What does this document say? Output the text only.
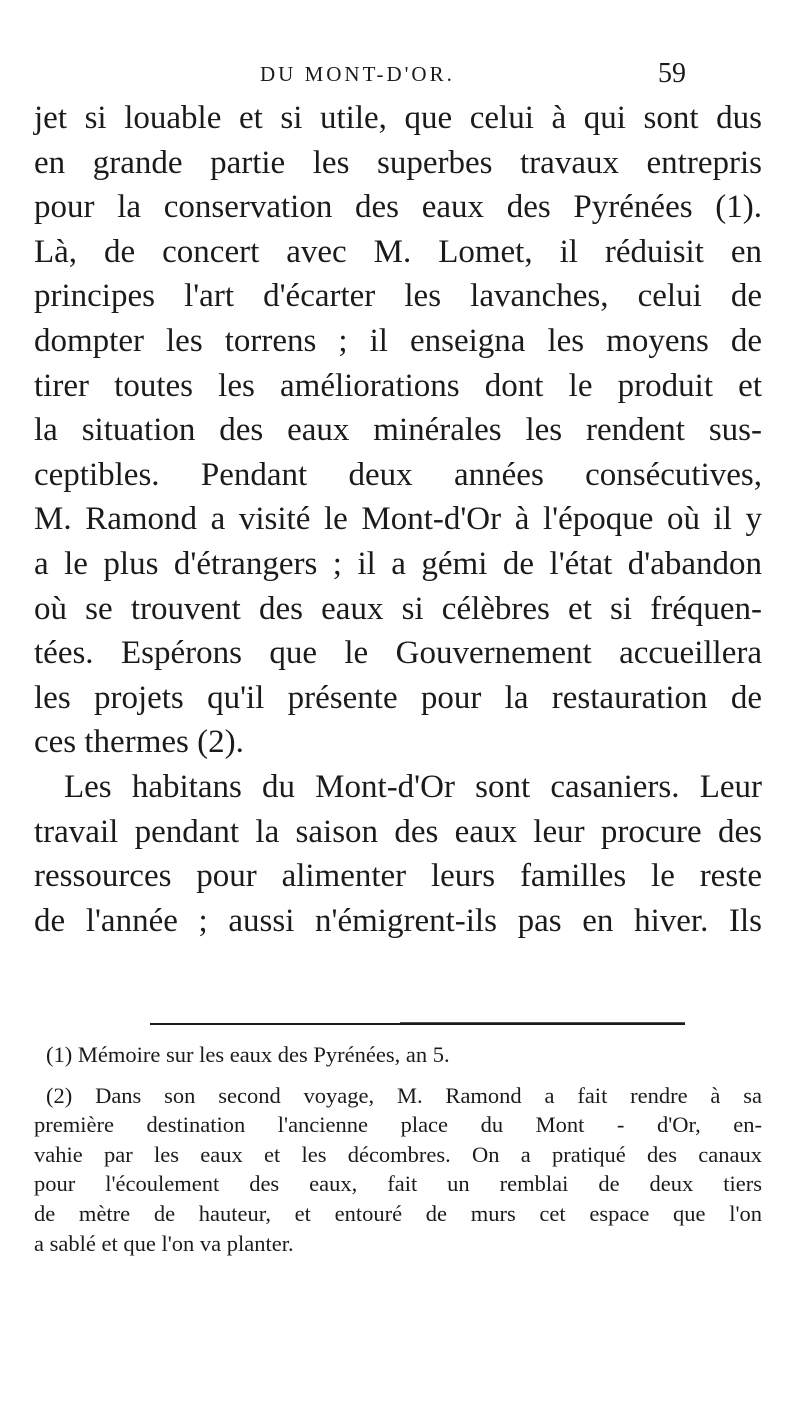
DU MONT-D'OR.	59
jet si louable et si utile, que celui à qui sont dus
en grande partie les superbes travaux entrepris
pour la conservation des eaux des Pyrénées (1).
Là, de concert avec M. Lomet, il réduisit en
principes l'art d'écarter les lavanches, celui de
dompter les torrens ; il enseigna les moyens de
tirer toutes les améliorations dont le produit et
la situation des eaux minérales les rendent sus-
ceptibles. Pendant deux années consécutives,
M. Ramond a visité le Mont-d'Or à l'époque où il y
a le plus d'étrangers ; il a gémi de l'état d'abandon
où se trouvent des eaux si célèbres et si fréquen-
tées. Espérons que le Gouvernement accueillera
les projets qu'il présente pour la restauration de
ces thermes (2).
Les habitans du Mont-d'Or sont casaniers. Leur
travail pendant la saison des eaux leur procure des
ressources pour alimenter leurs familles le reste
de l'année ; aussi n'émigrent-ils pas en hiver. Ils
(1) Mémoire sur les eaux des Pyrénées, an 5.
(2) Dans son second voyage, M. Ramond a fait rendre à sa
première destination l'ancienne place du Mont - d'Or, en-
vahie par les eaux et les décombres. On a pratiqué des canaux
pour l'écoulement des eaux, fait un remblai de deux tiers
de mètre de hauteur, et entouré de murs cet espace que l'on
a sablé et que l'on va planter.
